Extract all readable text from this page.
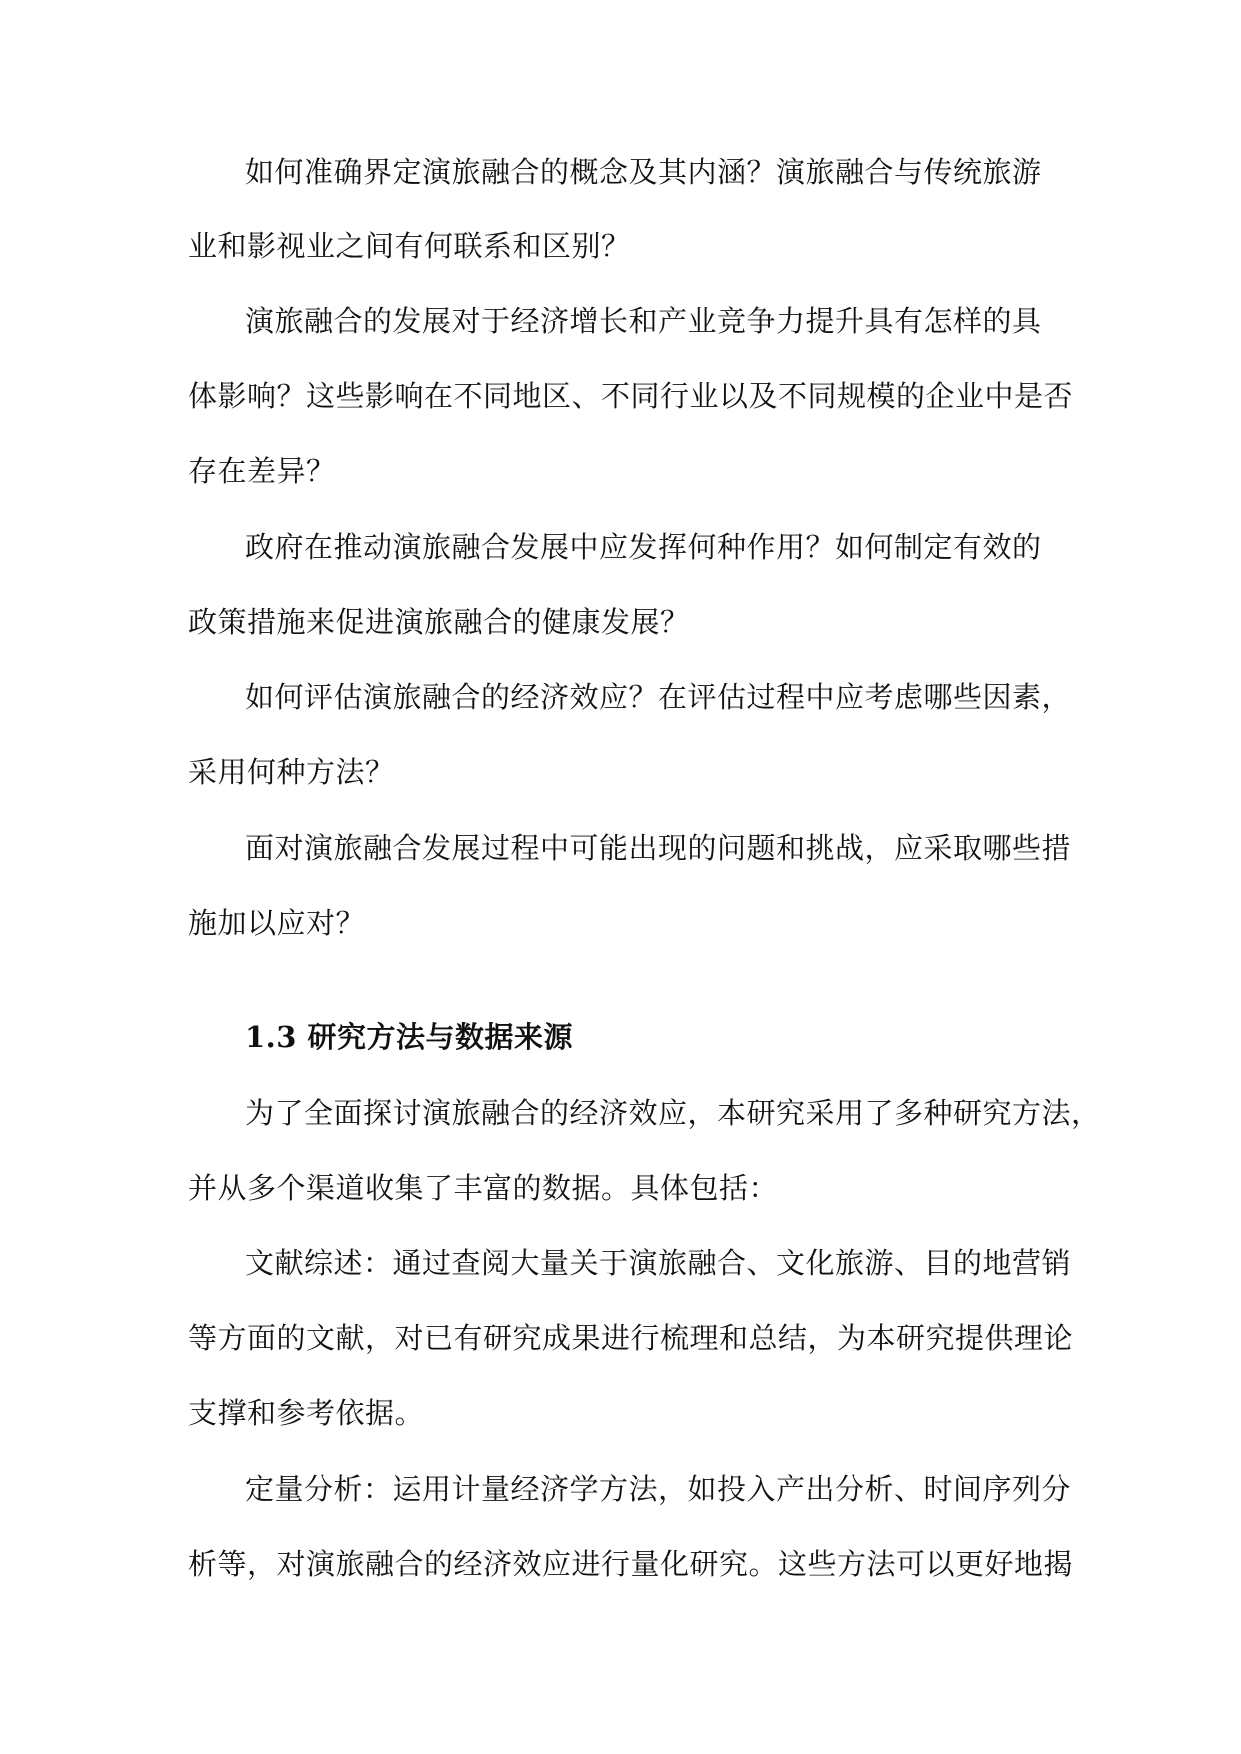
如何准确界定演旅融合的概念及其内涵？演旅融合与传统旅游
业和影视业之间有何联系和区别？
演旅融合的发展对于经济增长和产业竞争力提升具有怎样的具
体影响？这些影响在不同地区、不同行业以及不同规模的企业中是否
存在差异？
政府在推动演旅融合发展中应发挥何种作用？如何制定有效的
政策措施来促进演旅融合的健康发展？
如何评估演旅融合的经济效应？在评估过程中应考虑哪些因素，
采用何种方法？
面对演旅融合发展过程中可能出现的问题和挑战，应采取哪些措
施加以应对？
1.3 研究方法与数据来源
为了全面探讨演旅融合的经济效应，本研究采用了多种研究方法，
并从多个渠道收集了丰富的数据。具体包括：
文献综述：通过查阅大量关于演旅融合、文化旅游、目的地营销
等方面的文献，对已有研究成果进行梳理和总结，为本研究提供理论
支撑和参考依据。
定量分析：运用计量经济学方法，如投入产出分析、时间序列分
析等，对演旅融合的经济效应进行量化研究。这些方法可以更好地揭
